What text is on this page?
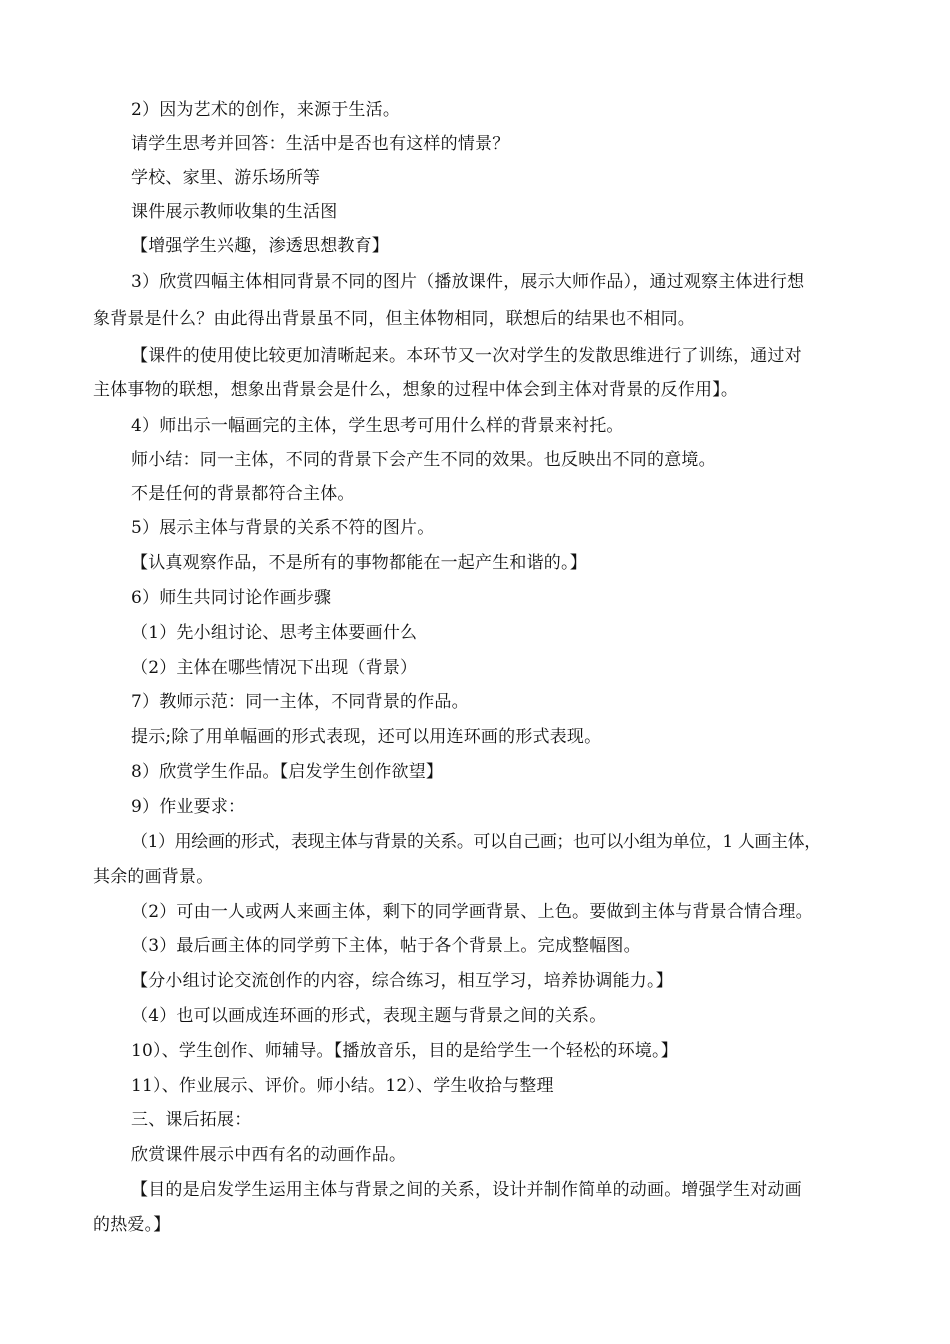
2）因为艺术的创作，来源于生活。
请学生思考并回答：生活中是否也有这样的情景？
学校、家里、游乐场所等
课件展示教师收集的生活图
【增强学生兴趣，渗透思想教育】
3）欣赏四幅主体相同背景不同的图片（播放课件，展示大师作品），通过观察主体进行想
象背景是什么？由此得出背景虽不同，但主体物相同，联想后的结果也不相同。
【课件的使用使比较更加清晰起来。本环节又一次对学生的发散思维进行了训练，通过对
主体事物的联想，想象出背景会是什么，想象的过程中体会到主体对背景的反作用】。
4）师出示一幅画完的主体，学生思考可用什么样的背景来衬托。
师小结：同一主体，不同的背景下会产生不同的效果。也反映出不同的意境。
不是任何的背景都符合主体。
5）展示主体与背景的关系不符的图片。
【认真观察作品，不是所有的事物都能在一起产生和谐的。】
6）师生共同讨论作画步骤
（1）先小组讨论、思考主体要画什么
（2）主体在哪些情况下出现（背景）
7）教师示范：同一主体，不同背景的作品。
提示;除了用单幅画的形式表现，还可以用连环画的形式表现。
8）欣赏学生作品。【启发学生创作欲望】
9）作业要求：
（1）用绘画的形式，表现主体与背景的关系。可以自己画；也可以小组为单位，1 人画主体，
其余的画背景。
（2）可由一人或两人来画主体，剩下的同学画背景、上色。要做到主体与背景合情合理。
（3）最后画主体的同学剪下主体，帖于各个背景上。完成整幅图。
【分小组讨论交流创作的内容，综合练习，相互学习，培养协调能力。】
（4）也可以画成连环画的形式，表现主题与背景之间的关系。
10）、学生创作、师辅导。【播放音乐，目的是给学生一个轻松的环境。】
11）、作业展示、评价。师小结。12）、学生收拾与整理
三、课后拓展：
欣赏课件展示中西有名的动画作品。
【目的是启发学生运用主体与背景之间的关系，设计并制作简单的动画。增强学生对动画
的热爱。】
